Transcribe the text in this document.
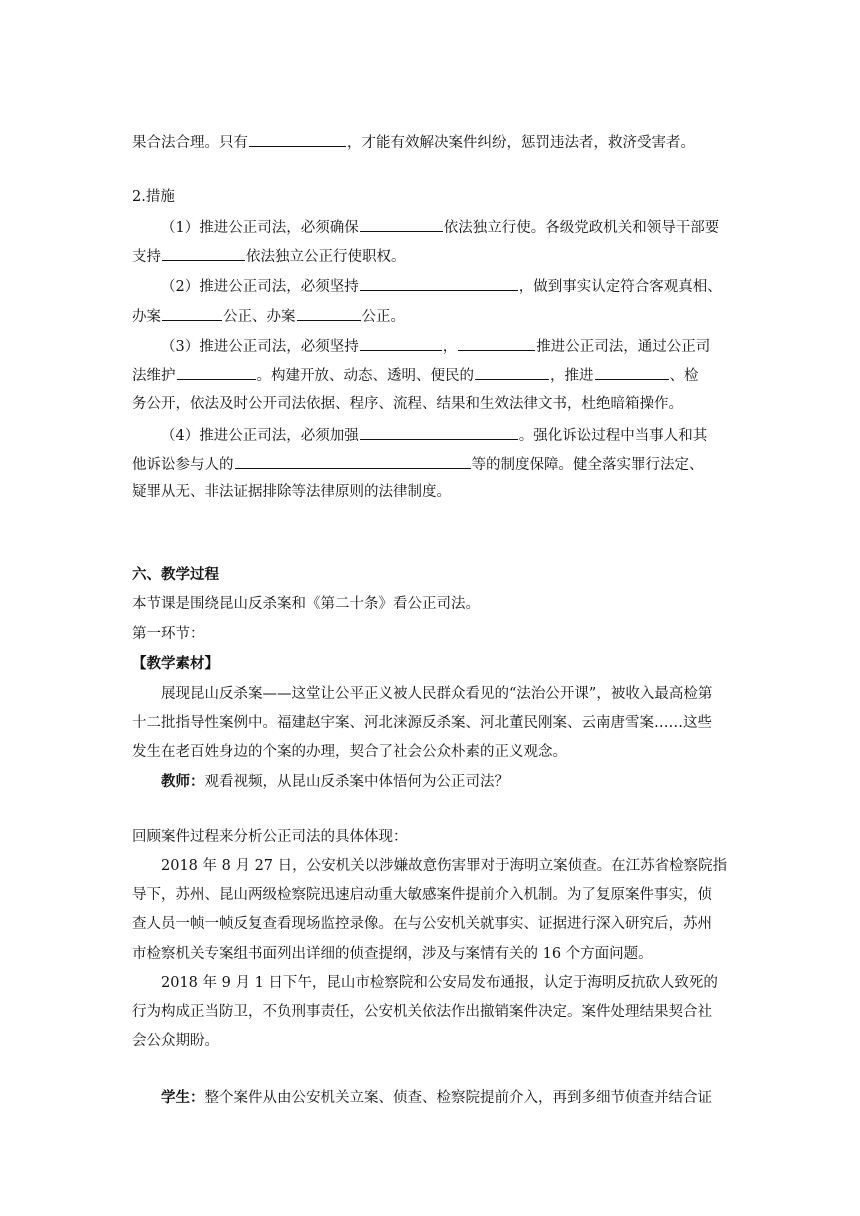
果合法合理。只有	，才能有效解决案件纠纷，惩罚违法者，救济受害者。
2.措施
（1）推进公正司法，必须确保	依法独立行使。各级党政机关和领导干部要
支持	依法独立公正行使职权。
（2）推进公正司法，必须坚持	，做到事实认定符合客观真相、
办案	公正、办案	公正。
（3）推进公正司法，必须坚持	，	推进公正司法，通过公正司
法维护	。构建开放、动态、透明、便民的	，推进	、检
务公开，依法及时公开司法依据、程序、流程、结果和生效法律文书，杜绝暗箱操作。
（4）推进公正司法，必须加强	。强化诉讼过程中当事人和其
他诉讼参与人的	等的制度保障。健全落实罪行法定、
疑罪从无、非法证据排除等法律原则的法律制度。
六、教学过程
本节课是围绕昆山反杀案和《第二十条》看公正司法。
第一环节：
【教学素材】
展现昆山反杀案——这堂让公平正义被人民群众看见的“法治公开课”，被收入最高检第
十二批指导性案例中。福建赵宇案、河北涞源反杀案、河北董民刚案、云南唐雪案……这些
发生在老百姓身边的个案的办理，契合了社会公众朴素的正义观念。
教师：观看视频，从昆山反杀案中体悟何为公正司法？
回顾案件过程来分析公正司法的具体体现：
2018 年 8 月 27 日，公安机关以涉嫌故意伤害罪对于海明立案侦查。在江苏省检察院指
导下，苏州、昆山两级检察院迅速启动重大敏感案件提前介入机制。为了复原案件事实，侦
查人员一帧一帧反复查看现场监控录像。在与公安机关就事实、证据进行深入研究后，苏州
市检察机关专案组书面列出详细的侦查提纲，涉及与案情有关的 16 个方面问题。
2018 年 9 月 1 日下午，昆山市检察院和公安局发布通报，认定于海明反抗砍人致死的
行为构成正当防卫，不负刑事责任，公安机关依法作出撤销案件决定。案件处理结果契合社
会公众期盼。
学生：整个案件从由公安机关立案、侦查、检察院提前介入，再到多细节侦查并结合证
